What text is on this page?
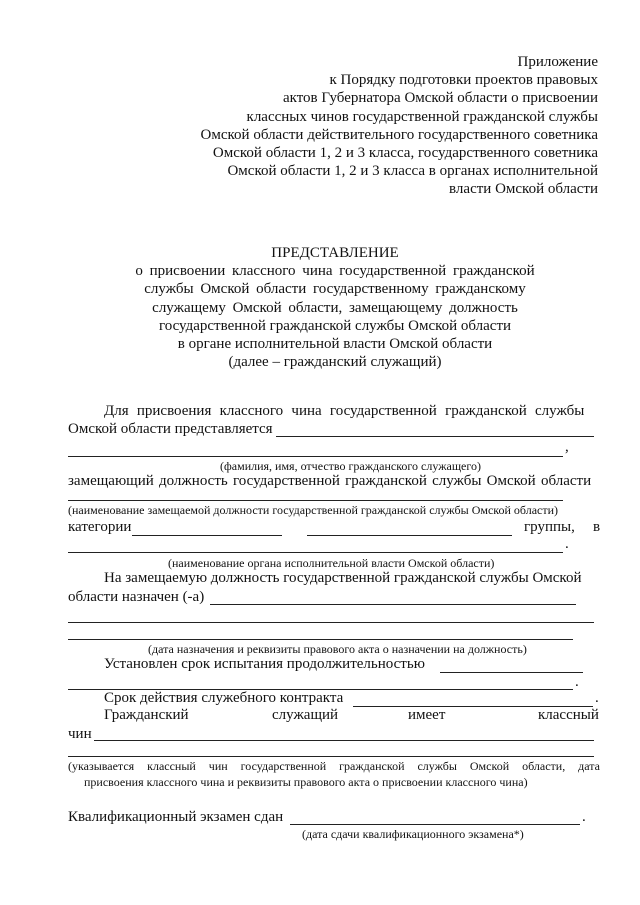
Приложение
к Порядку подготовки проектов правовых
актов Губернатора Омской области о присвоении
классных чинов государственной гражданской службы
Омской области действительного государственного советника
Омской области 1, 2 и 3 класса, государственного советника
Омской области 1, 2 и 3 класса в органах исполнительной
власти Омской области
ПРЕДСТАВЛЕНИЕ
о присвоении классного чина государственной гражданской
службы Омской области государственному гражданскому
служащему Омской области, замещающему должность
государственной гражданской службы Омской области
в органе исполнительной власти Омской области
(далее – гражданский служащий)
Для присвоения классного чина государственной гражданской службы
Омской области представляется
,
(фамилия, имя, отчество гражданского служащего)
замещающий должность государственной гражданской службы Омской области
(наименование замещаемой должности государственной гражданской службы Омской области)
категории	группы, в
.
(наименование органа исполнительной власти Омской области)
На замещаемую должность государственной гражданской службы Омской
области назначен (-а)
(дата назначения и реквизиты правового акта о назначении на должность)
Установлен срок испытания продолжительностью
.
Срок действия служебного контракта	.
Гражданский	служащий	имеет	классный
чин
(указывается классный чин государственной гражданской службы Омской области, дата
присвоения классного чина и реквизиты правового акта о присвоении классного чина)
Квалификационный экзамен сдан	.
(дата сдачи квалификационного экзамена*)
